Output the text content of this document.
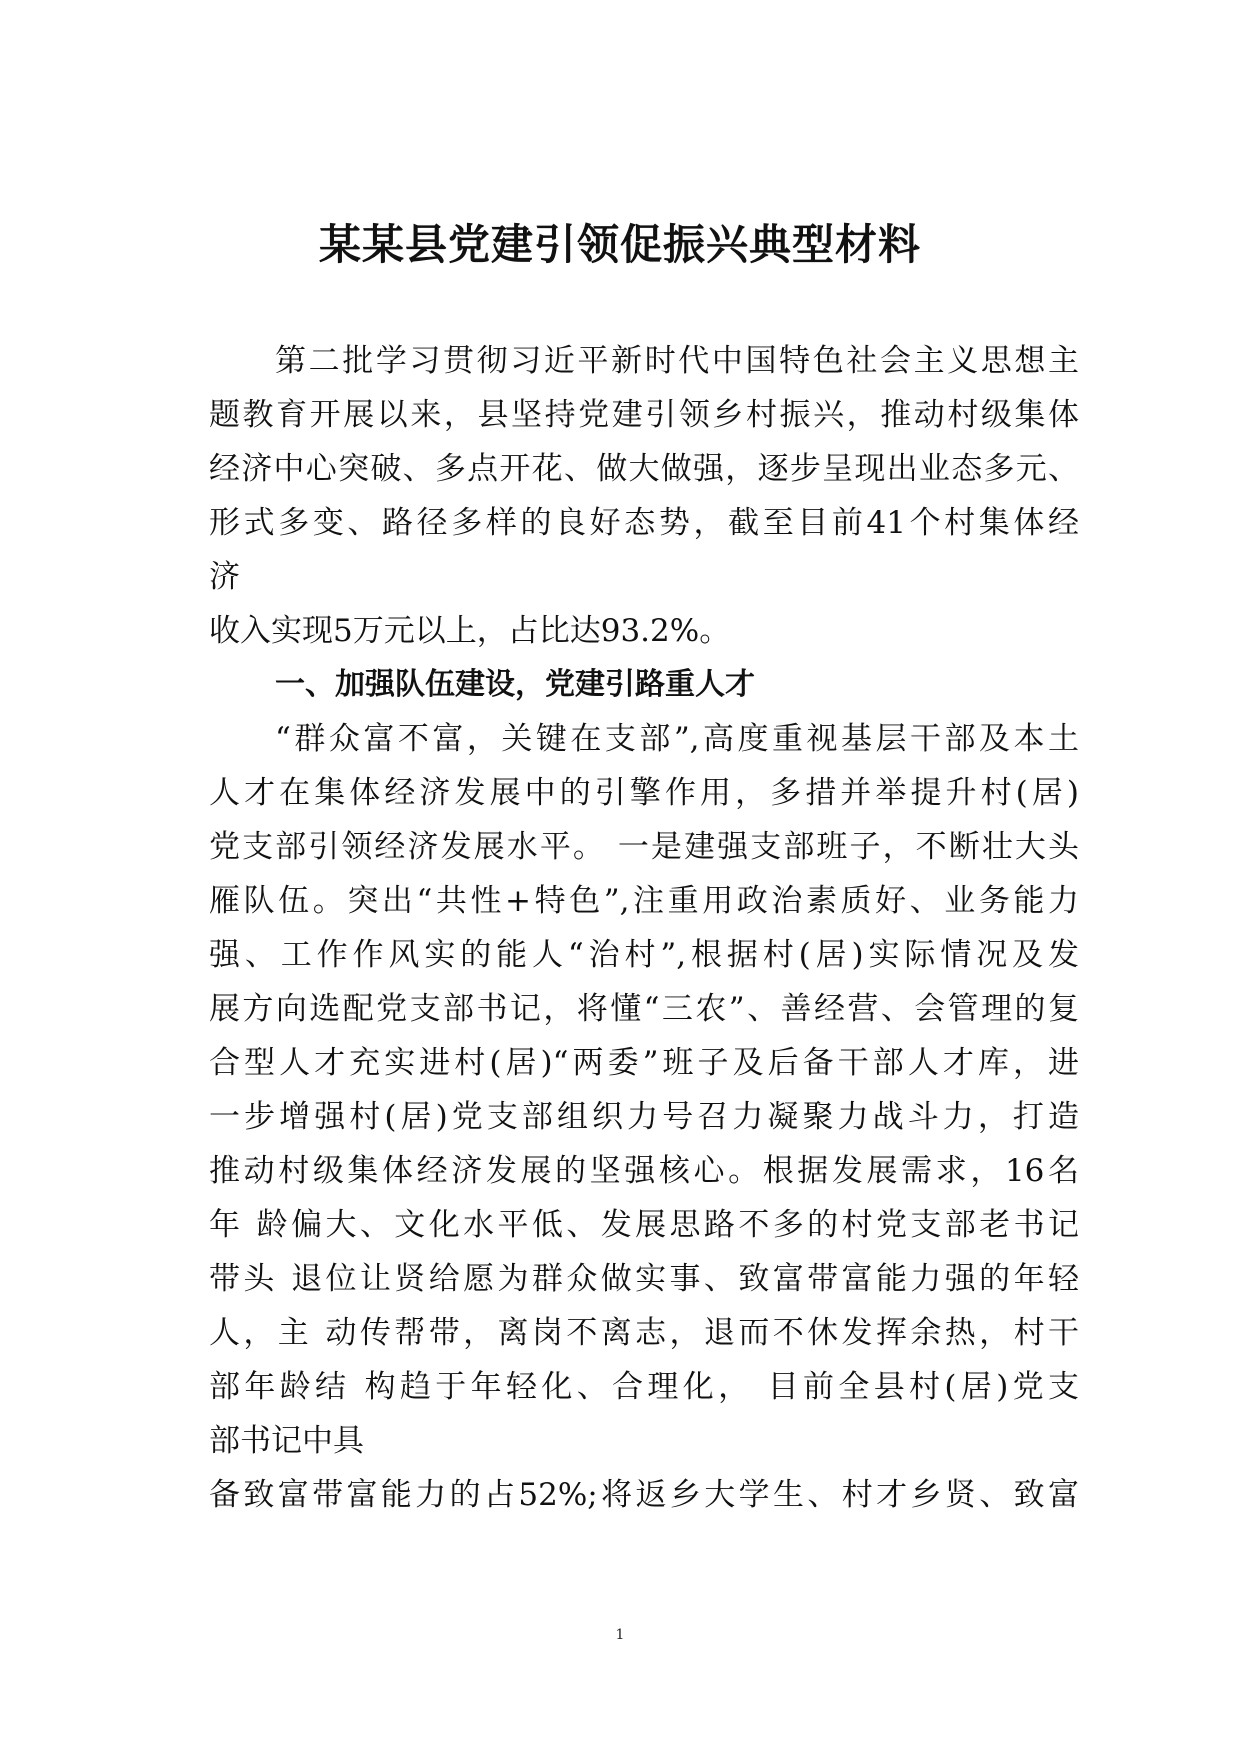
某某县党建引领促振兴典型材料
第二批学习贯彻习近平新时代中国特色社会主义思想主
题教育开展以来，县坚持党建引领乡村振兴，推动村级集体
经济中心突破、多点开花、做大做强，逐步呈现出业态多元、
形式多变、路径多样的良好态势，截至目前41个村集体经
济
收入实现5万元以上，占比达93.2%。
一、加强队伍建设，党建引路重人才
“群众富不富，关键在支部”,高度重视基层干部及本土
人才在集体经济发展中的引擎作用，多措并举提升村(居)
党支部引领经济发展水平。 一是建强支部班子，不断壮大头
雁队伍。突出“共性+特色”,注重用政治素质好、业务能力
强、工作作风实的能人“治村”,根据村(居)实际情况及发
展方向选配党支部书记，将懂“三农”、善经营、会管理的复
合型人才充实进村(居)“两委”班子及后备干部人才库，进
一步增强村(居)党支部组织力号召力凝聚力战斗力，打造
推动村级集体经济发展的坚强核心。根据发展需求，16名
年 龄偏大、文化水平低、发展思路不多的村党支部老书记
带头 退位让贤给愿为群众做实事、致富带富能力强的年轻
人，主 动传帮带，离岗不离志，退而不休发挥余热，村干
部年龄结 构趋于年轻化、合理化， 目前全县村(居)党支
部书记中具
备致富带富能力的占52%;将返乡大学生、村才乡贤、致富
1
